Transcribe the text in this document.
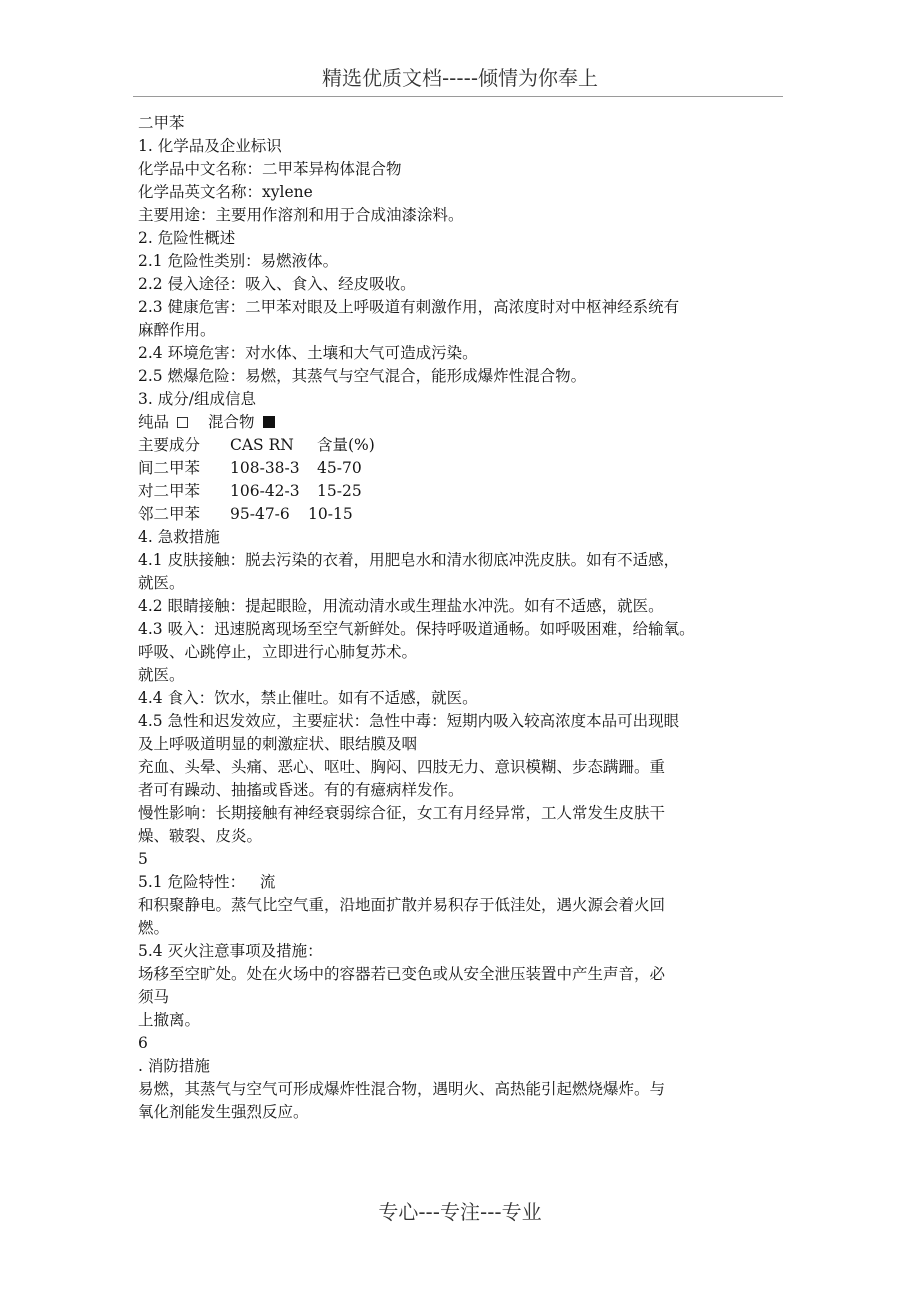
精选优质文档-----倾情为你奉上
二甲苯
1. 化学品及企业标识
化学品中文名称：二甲苯异构体混合物
化学品英文名称：xylene
主要用途：主要用作溶剂和用于合成油漆涂料。
2. 危险性概述
2.1 危险性类别：易燃液体。
2.2 侵入途径：吸入、食入、经皮吸收。
2.3 健康危害：二甲苯对眼及上呼吸道有刺激作用，高浓度时对中枢神经系统有
麻醉作用。
2.4 环境危害：对水体、土壤和大气可造成污染。
2.5 燃爆危险：易燃，其蒸气与空气混合，能形成爆炸性混合物。
3. 成分/组成信息
纯品	混合物
主要成分 CAS RN 含量(%)
间二甲苯 108-38-3 45-70
对二甲苯 106-42-3 15-25
邻二甲苯 95-47-6 10-15
4. 急救措施
4.1 皮肤接触：脱去污染的衣着，用肥皂水和清水彻底冲洗皮肤。如有不适感，
就医。
4.2 眼睛接触：提起眼睑，用流动清水或生理盐水冲洗。如有不适感，就医。
4.3 吸入：迅速脱离现场至空气新鲜处。保持呼吸道通畅。如呼吸困难，给输氧。
呼吸、心跳停止，立即进行心肺复苏术。
就医。
4.4 食入：饮水，禁止催吐。如有不适感，就医。
4.5 急性和迟发效应，主要症状：急性中毒：短期内吸入较高浓度本品可出现眼
及上呼吸道明显的刺激症状、眼结膜及咽
充血、头晕、头痛、恶心、呕吐、胸闷、四肢无力、意识模糊、步态蹒跚。重
者可有躁动、抽搐或昏迷。有的有癔病样发作。
慢性影响：长期接触有神经衰弱综合征，女工有月经异常，工人常发生皮肤干
燥、皲裂、皮炎。
5
5.1 危险特性：   流
和积聚静电。蒸气比空气重，沿地面扩散并易积存于低洼处，遇火源会着火回
燃。
5.4 灭火注意事项及措施：
场移至空旷处。处在火场中的容器若已变色或从安全泄压装置中产生声音，必
须马
上撤离。
6
. 消防措施
易燃，其蒸气与空气可形成爆炸性混合物，遇明火、高热能引起燃烧爆炸。与
氧化剂能发生强烈反应。
专心---专注---专业
